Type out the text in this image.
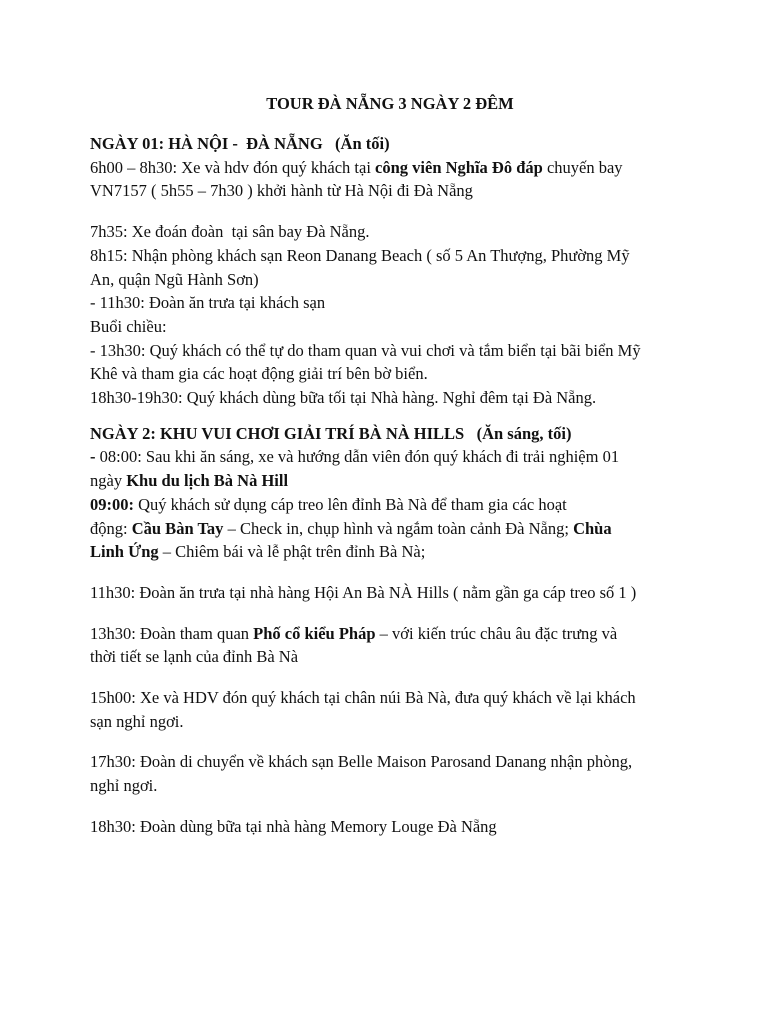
TOUR ĐÀ NẴNG 3 NGÀY 2 ĐÊM
NGÀY 01: HÀ NỘI -  ĐÀ NẴNG   (Ăn tối)

6h00 – 8h30: Xe và hdv đón quý khách tại công viên Nghĩa Đô đáp chuyến bay

VN7157 ( 5h55 – 7h30 ) khởi hành từ Hà Nội đi Đà Nẵng

7h35: Xe đoán đoàn  tại sân bay Đà Nẵng.

8h15: Nhận phòng khách sạn Reon Danang Beach ( số 5 An Thượng, Phường Mỹ

An, quận Ngũ Hành Sơn)

- 11h30: Đoàn ăn trưa tại khách sạn

Buổi chiều:

- 13h30: Quý khách có thể tự do tham quan và vui chơi và tắm biển tại bãi biển Mỹ

Khê và tham gia các hoạt động giải trí bên bờ biển.

18h30-19h30: Quý khách dùng bữa tối tại Nhà hàng. Nghỉ đêm tại Đà Nẵng.

NGÀY 2: KHU VUI CHƠI GIẢI TRÍ BÀ NÀ HILLS   (Ăn sáng, tối)

- 08:00: Sau khi ăn sáng, xe và hướng dẫn viên đón quý khách đi trải nghiệm 01

ngày Khu du lịch Bà Nà Hill

09:00: Quý khách sử dụng cáp treo lên đỉnh Bà Nà để tham gia các hoạt

động: Cầu Bàn Tay – Check in, chụp hình và ngắm toàn cảnh Đà Nẵng; Chùa

Linh Ứng – Chiêm bái và lễ phật trên đỉnh Bà Nà;

11h30: Đoàn ăn trưa tại nhà hàng Hội An Bà NÀ Hills ( nằm gần ga cáp treo số 1 )

13h30: Đoàn tham quan Phố cổ kiểu Pháp – với kiến trúc châu âu đặc trưng và

thời tiết se lạnh của đỉnh Bà Nà

15h00: Xe và HDV đón quý khách tại chân núi Bà Nà, đưa quý khách về lại khách

sạn nghỉ ngơi.

17h30: Đoàn di chuyển về khách sạn Belle Maison Parosand Danang nhận phòng,

nghỉ ngơi.

18h30: Đoàn dùng bữa tại nhà hàng Memory Louge Đà Nẵng
